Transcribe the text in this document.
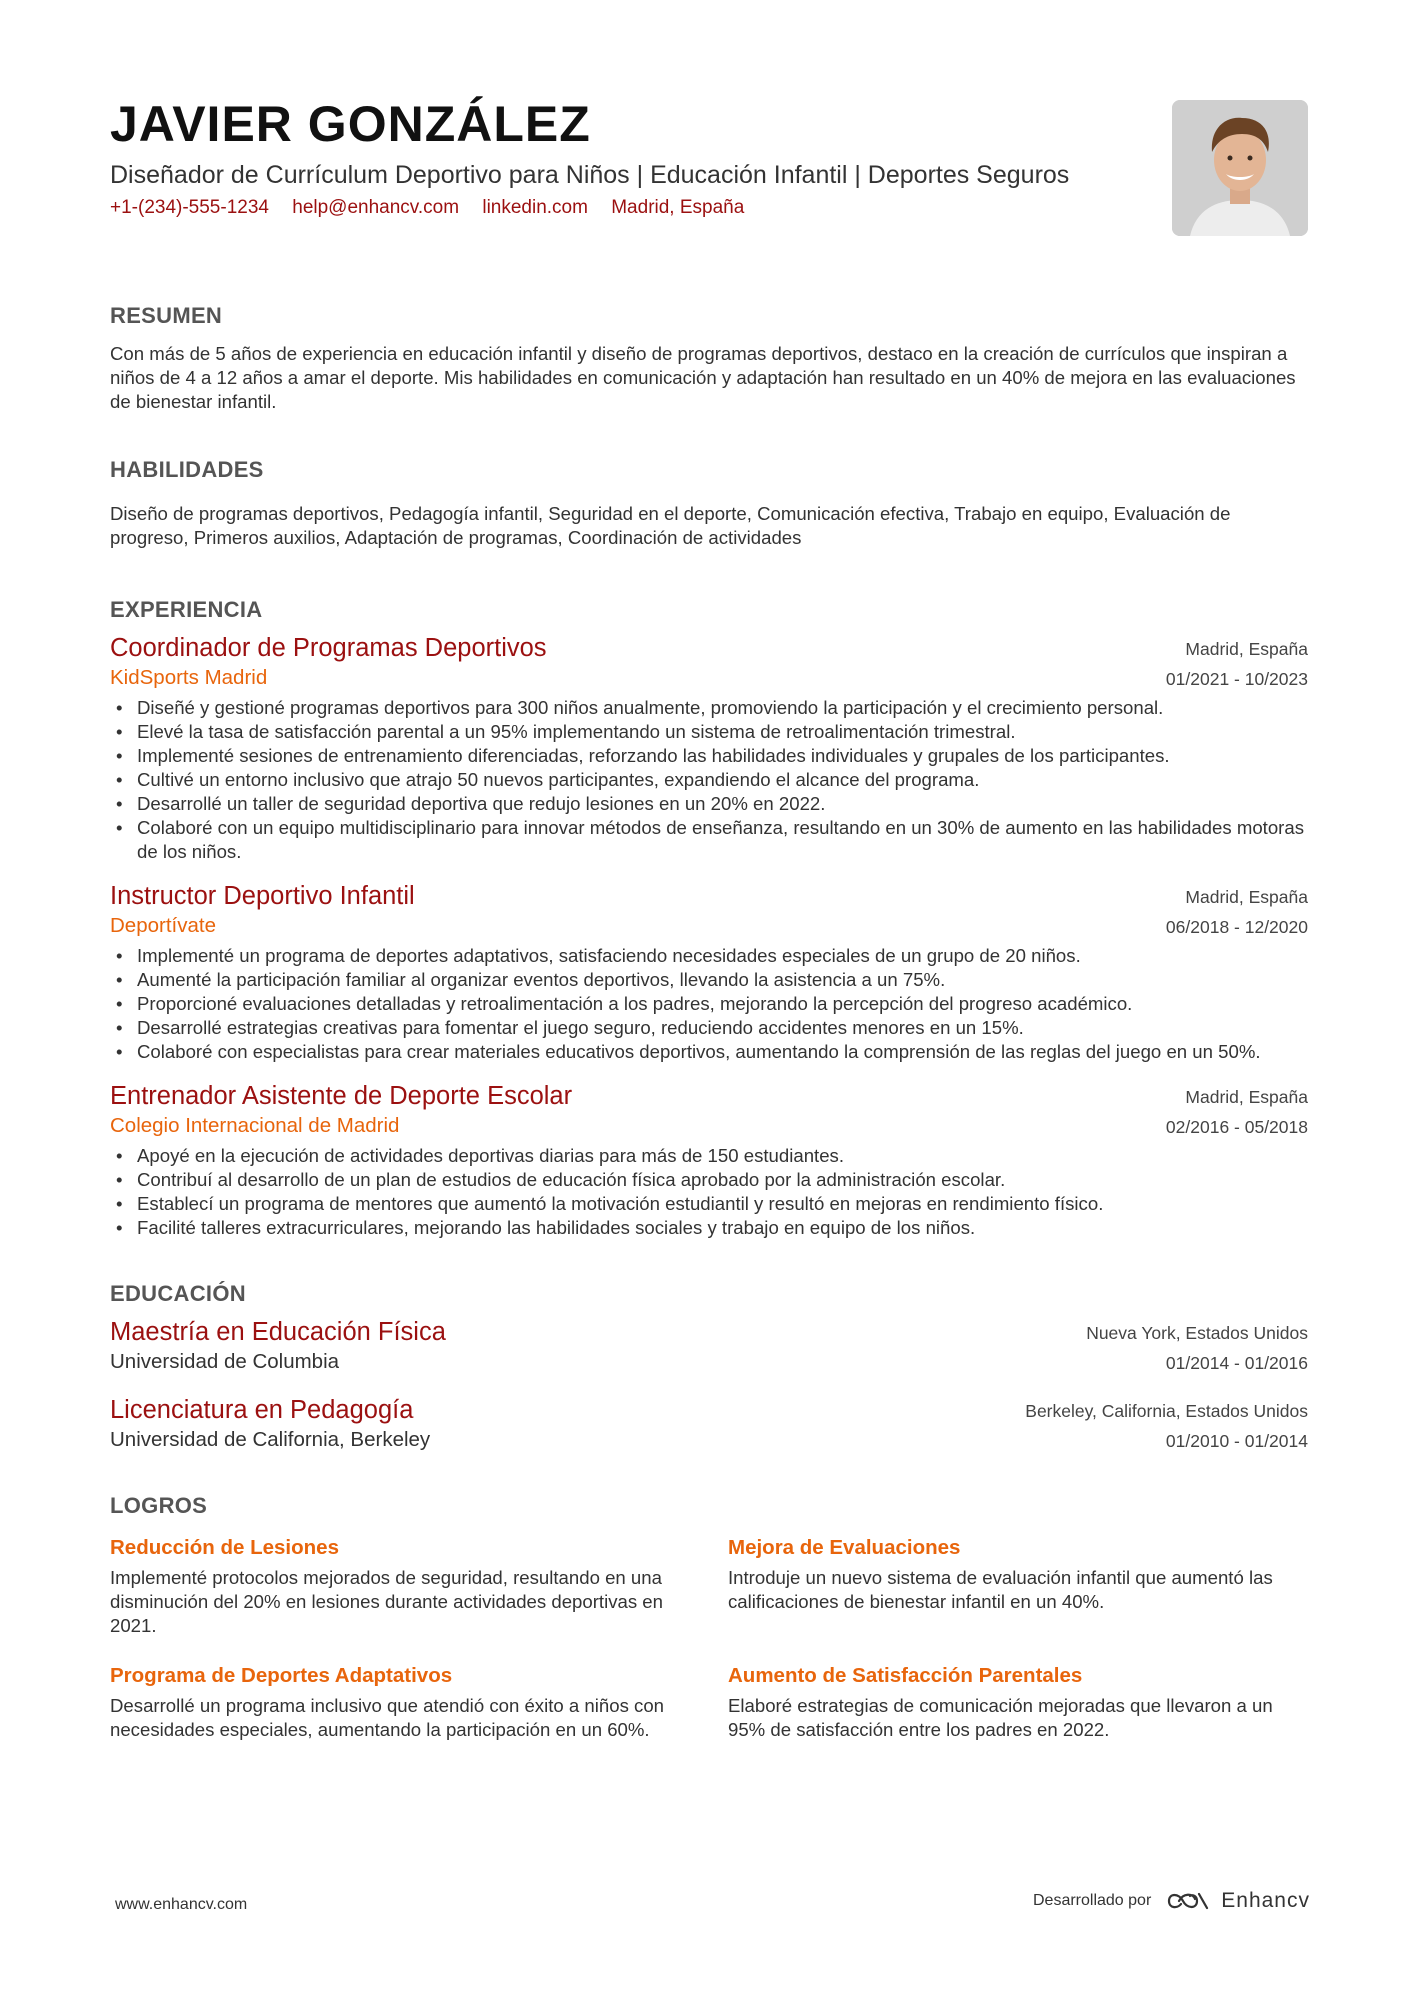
JAVIER GONZÁLEZ
Diseñador de Currículum Deportivo para Niños | Educación Infantil | Deportes Seguros
+1-(234)-555-1234 help@enhancv.com linkedin.com Madrid, España
RESUMEN
Con más de 5 años de experiencia en educación infantil y diseño de programas deportivos, destaco en la creación de currículos que inspiran a niños de 4 a 12 años a amar el deporte. Mis habilidades en comunicación y adaptación han resultado en un 40% de mejora en las evaluaciones de bienestar infantil.
HABILIDADES
Diseño de programas deportivos, Pedagogía infantil, Seguridad en el deporte, Comunicación efectiva, Trabajo en equipo, Evaluación de progreso, Primeros auxilios, Adaptación de programas, Coordinación de actividades
EXPERIENCIA
Coordinador de Programas Deportivos
KidSports Madrid
Madrid, España
01/2021 - 10/2023
• Diseñé y gestioné programas deportivos para 300 niños anualmente, promoviendo la participación y el crecimiento personal.
• Elevé la tasa de satisfacción parental a un 95% implementando un sistema de retroalimentación trimestral.
• Implementé sesiones de entrenamiento diferenciadas, reforzando las habilidades individuales y grupales de los participantes.
• Cultivé un entorno inclusivo que atrajo 50 nuevos participantes, expandiendo el alcance del programa.
• Desarrollé un taller de seguridad deportiva que redujo lesiones en un 20% en 2022.
• Colaboré con un equipo multidisciplinario para innovar métodos de enseñanza, resultando en un 30% de aumento en las habilidades motoras de los niños.
Instructor Deportivo Infantil
Deportívate
Madrid, España
06/2018 - 12/2020
• Implementé un programa de deportes adaptativos, satisfaciendo necesidades especiales de un grupo de 20 niños.
• Aumenté la participación familiar al organizar eventos deportivos, llevando la asistencia a un 75%.
• Proporcioné evaluaciones detalladas y retroalimentación a los padres, mejorando la percepción del progreso académico.
• Desarrollé estrategias creativas para fomentar el juego seguro, reduciendo accidentes menores en un 15%.
• Colaboré con especialistas para crear materiales educativos deportivos, aumentando la comprensión de las reglas del juego en un 50%.
Entrenador Asistente de Deporte Escolar
Colegio Internacional de Madrid
Madrid, España
02/2016 - 05/2018
• Apoyé en la ejecución de actividades deportivas diarias para más de 150 estudiantes.
• Contribuí al desarrollo de un plan de estudios de educación física aprobado por la administración escolar.
• Establecí un programa de mentores que aumentó la motivación estudiantil y resultó en mejoras en rendimiento físico.
• Facilité talleres extracurriculares, mejorando las habilidades sociales y trabajo en equipo de los niños.
EDUCACIÓN
Maestría en Educación Física
Universidad de Columbia
Nueva York, Estados Unidos
01/2014 - 01/2016
Licenciatura en Pedagogía
Universidad de California, Berkeley
Berkeley, California, Estados Unidos
01/2010 - 01/2014
LOGROS
Reducción de Lesiones
Implementé protocolos mejorados de seguridad, resultando en una disminución del 20% en lesiones durante actividades deportivas en 2021.
Mejora de Evaluaciones
Introduje un nuevo sistema de evaluación infantil que aumentó las calificaciones de bienestar infantil en un 40%.
Programa de Deportes Adaptativos
Desarrollé un programa inclusivo que atendió con éxito a niños con necesidades especiales, aumentando la participación en un 60%.
Aumento de Satisfacción Parentales
Elaboré estrategias de comunicación mejoradas que llevaron a un 95% de satisfacción entre los padres en 2022.
www.enhancv.com	Desarrollado por	Enhancv
